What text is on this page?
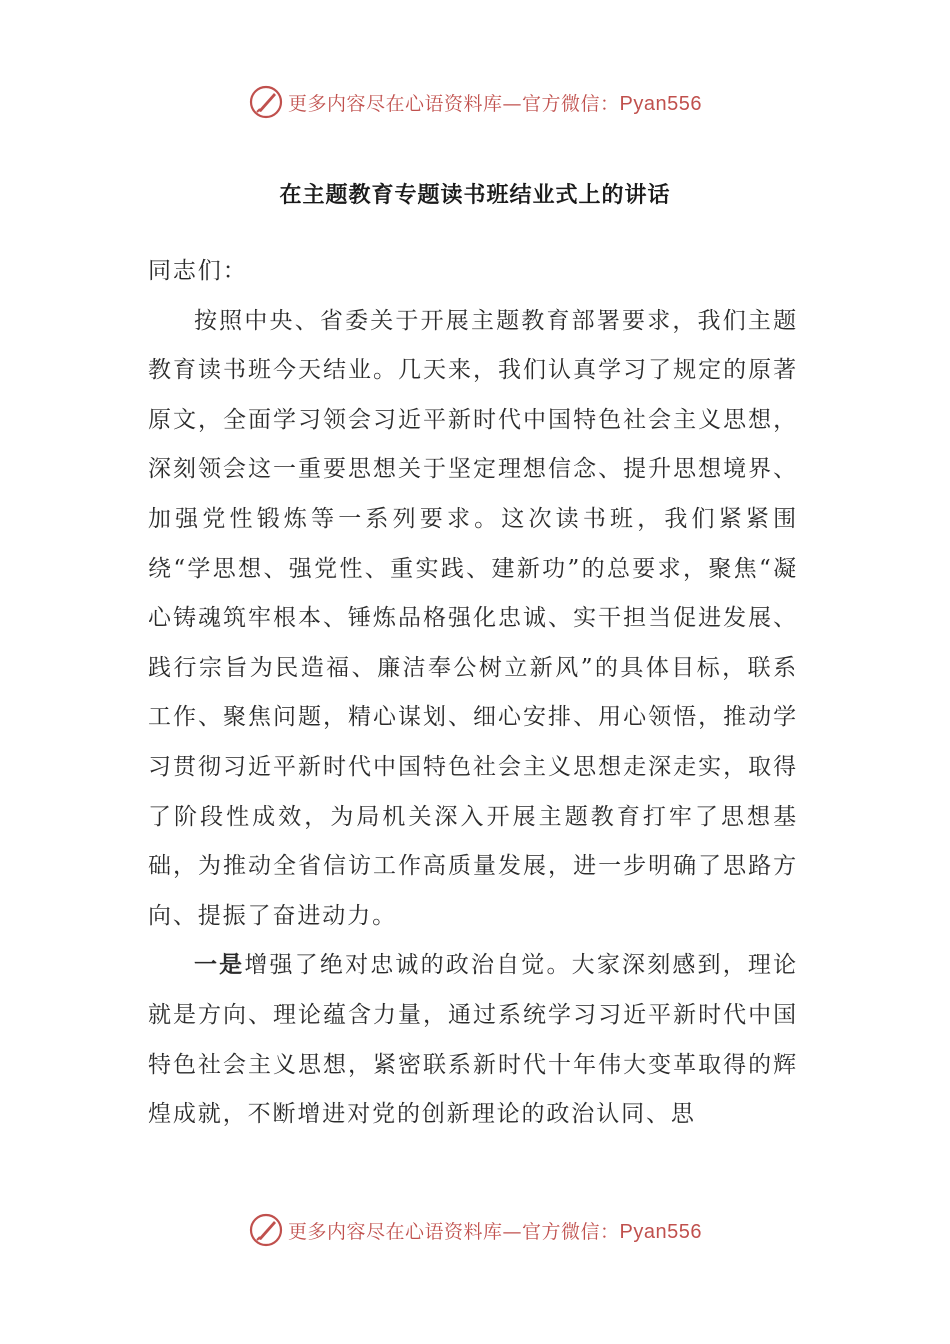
更多内容尽在心语资料库—官方微信：Pyan556
在主题教育专题读书班结业式上的讲话

同志们：

按照中央、省委关于开展主题教育部署要求，我们主题教育读书班今天结业。几天来，我们认真学习了规定的原著原文，全面学习领会习近平新时代中国特色社会主义思想，深刻领会这一重要思想关于坚定理想信念、提升思想境界、加强党性锻炼等一系列要求。这次读书班，我们紧紧围绕“学思想、强党性、重实践、建新功”的总要求，聚焦“凝心铸魂筑牢根本、锤炼品格强化忠诚、实干担当促进发展、践行宗旨为民造福、廉洁奉公树立新风”的具体目标，联系工作、聚焦问题，精心谋划、细心安排、用心领悟，推动学习贯彻习近平新时代中国特色社会主义思想走深走实，取得了阶段性成效，为局机关深入开展主题教育打牢了思想基础，为推动全省信访工作高质量发展，进一步明确了思路方向、提振了奋进动力。

一是增强了绝对忠诚的政治自觉。大家深刻感到，理论就是方向、理论蕴含力量，通过系统学习习近平新时代中国特色社会主义思想，紧密联系新时代十年伟大变革取得的辉煌成就，不断增进对党的创新理论的政治认同、思

更多内容尽在心语资料库—官方微信：Pyan556
